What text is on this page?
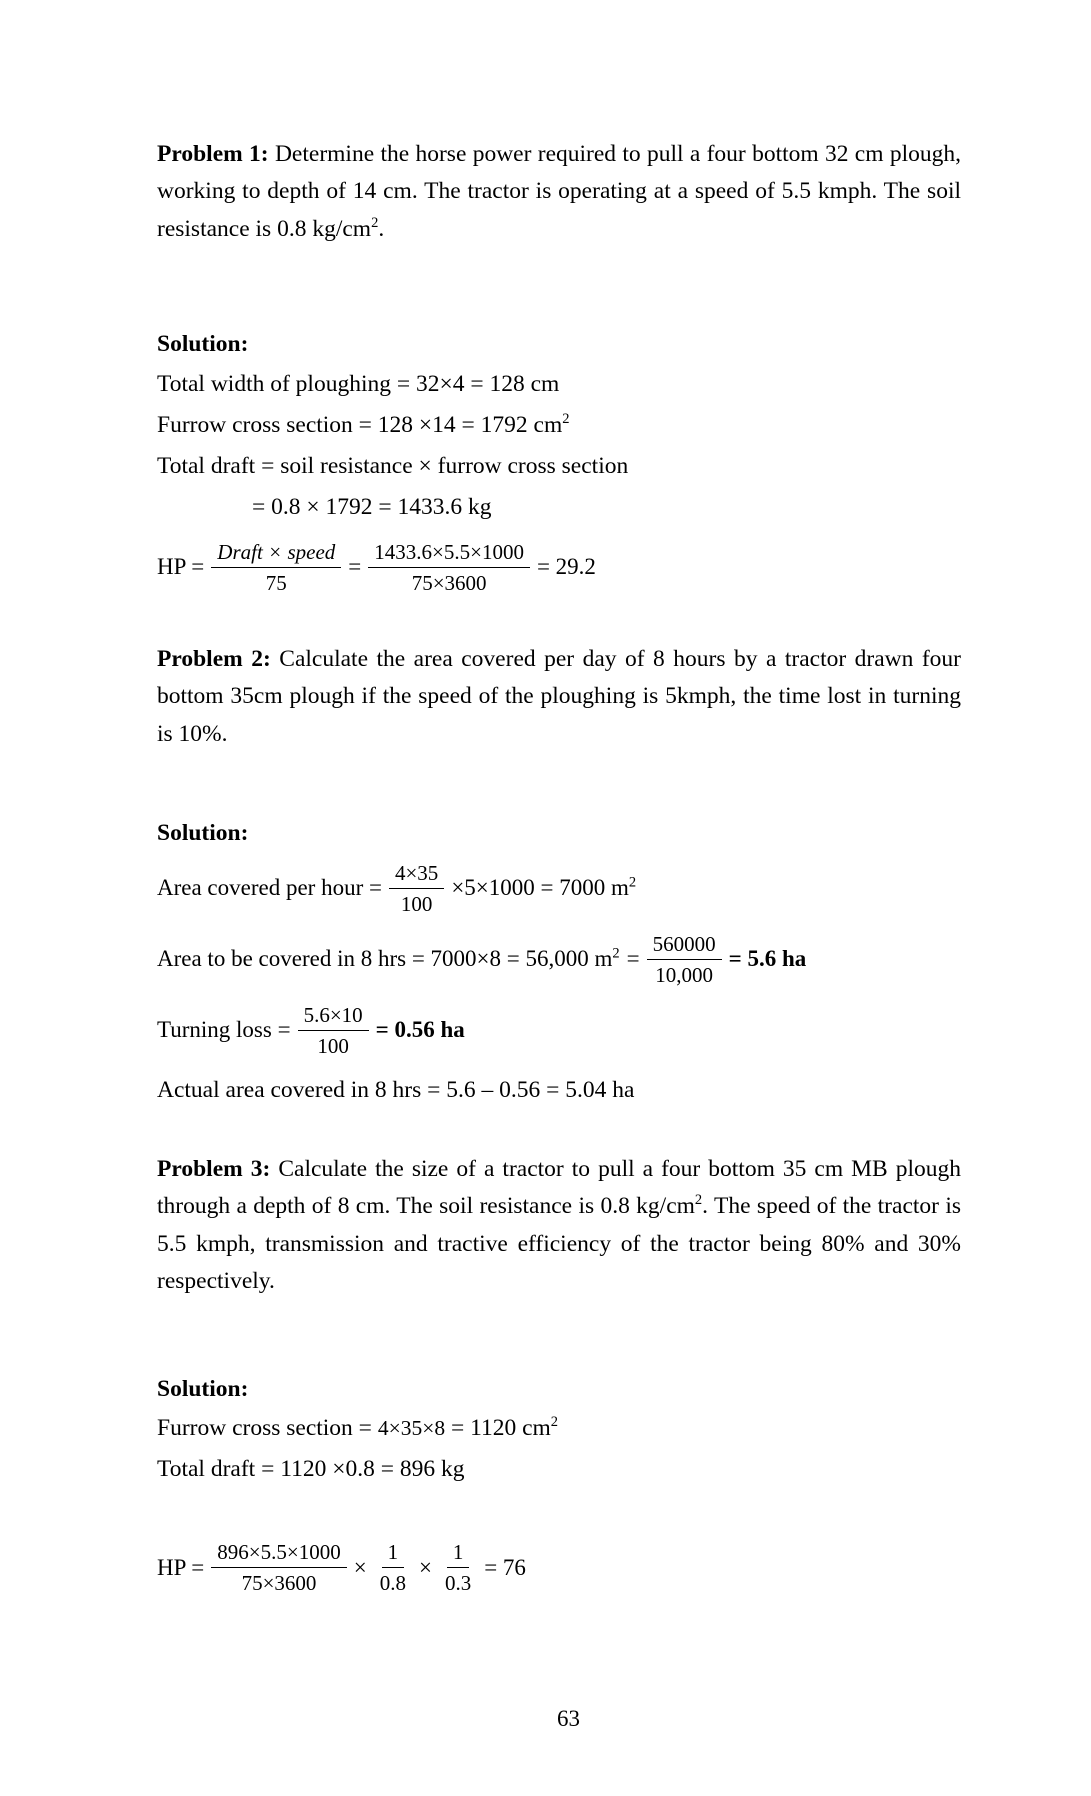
Problem 1: Determine the horse power required to pull a four bottom 32 cm plough, working to depth of 14 cm. The tractor is operating at a speed of 5.5 kmph. The soil resistance is 0.8 $kg/cm^2$.

Solution:
Total width of ploughing = 32×4 = 128 cm
Furrow cross section = 128 ×14 = 1792 $cm^2$
Total draft = soil resistance × furrow cross section
= 0.8 × 1792 = 1433.6 kg
HP = $\frac{\text{Draft × speed}}{75} = \frac{1433.6\times 5.5\times 1000}{75\times 3600} = 29.2$

Problem 2: Calculate the area covered per day of 8 hours by a tractor drawn four bottom 35cm plough if the speed of the ploughing is 5kmph, the time lost in turning is 10%.

Solution:
Area covered per hour = $\frac{4\times 35}{100} \times 5\times 1000 = 7000$ $m^2$
Area to be covered in 8 hrs = 7000×8 = 56,000 $m^2 = \frac{560000}{10,000} = 5.6$ ha
Turning loss = $\frac{5.6\times 10}{100} = 0.56$ ha
Actual area covered in 8 hrs = 5.6 – 0.56 = 5.04 ha

Problem 3: Calculate the size of a tractor to pull a four bottom 35 cm MB plough through a depth of 8 cm. The soil resistance is 0.8 $kg/cm^2$. The speed of the tractor is 5.5 kmph, transmission and tractive efficiency of the tractor being 80% and 30% respectively.

Solution:
Furrow cross section = 4×35×8 = 1120 $cm^2$
Total draft = 1120 ×0.8 = 896 kg
HP = $\frac{896\times 5.5\times 1000}{75\times 3600} \times \frac{1}{0.8} \times \frac{1}{0.3} = 76$
63
